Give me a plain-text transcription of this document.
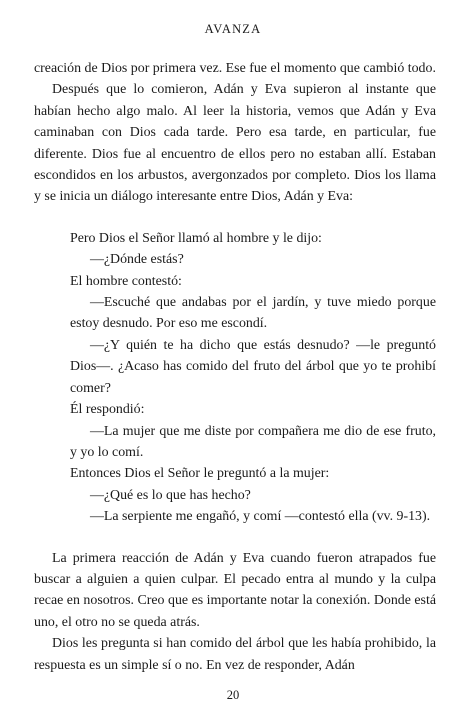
AVANZA

creación de Dios por primera vez. Ese fue el momento que cambió todo.

Después que lo comieron, Adán y Eva supieron al instante que habían hecho algo malo. Al leer la historia, vemos que Adán y Eva caminaban con Dios cada tarde. Pero esa tarde, en particular, fue diferente. Dios fue al encuentro de ellos pero no estaban allí. Estaban escondidos en los arbustos, avergonzados por completo. Dios los llama y se inicia un diálogo interesante entre Dios, Adán y Eva:

Pero Dios el Señor llamó al hombre y le dijo:

—¿Dónde estás?

El hombre contestó:

—Escuché que andabas por el jardín, y tuve miedo porque estoy desnudo. Por eso me escondí.

—¿Y quién te ha dicho que estás desnudo? —le preguntó Dios—. ¿Acaso has comido del fruto del árbol que yo te prohibí comer?

Él respondió:

—La mujer que me diste por compañera me dio de ese fruto, y yo lo comí.

Entonces Dios el Señor le preguntó a la mujer:

—¿Qué es lo que has hecho?

—La serpiente me engañó, y comí —contestó ella (vv. 9-13).

La primera reacción de Adán y Eva cuando fueron atrapados fue buscar a alguien a quien culpar. El pecado entra al mundo y la culpa recae en nosotros. Creo que es importante notar la conexión. Donde está uno, el otro no se queda atrás.

Dios les pregunta si han comido del árbol que les había prohibido, la respuesta es un simple sí o no. En vez de responder, Adán

20
